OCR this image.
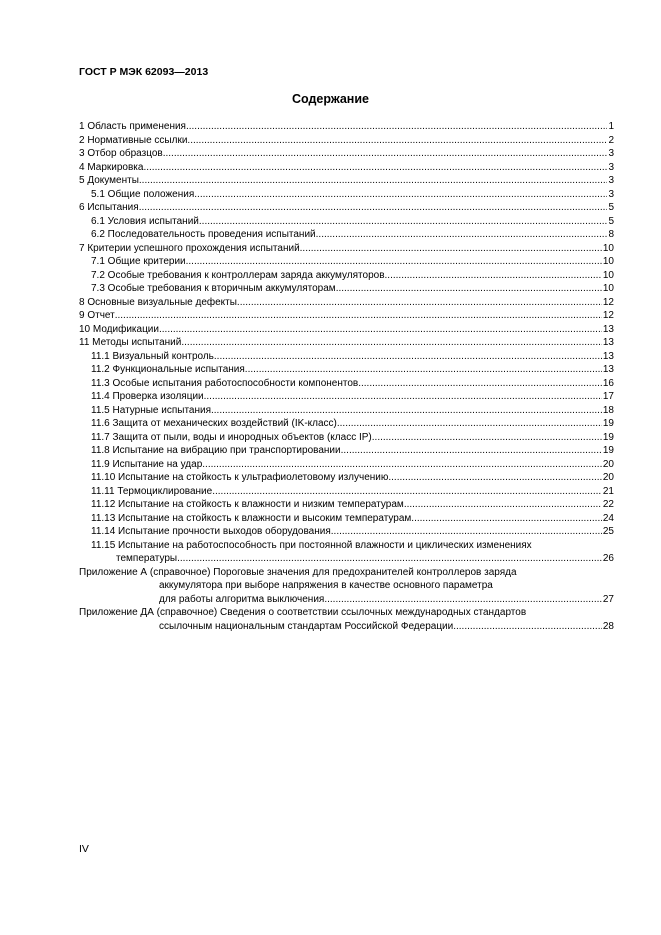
ГОСТ Р МЭК 62093—2013
Содержание
1 Область применения .....	1
2 Нормативные ссылки .....	2
3 Отбор образцов .....	3
4 Маркировка .....	3
5 Документы .....	3
5.1 Общие положения .....	3
6 Испытания .....	5
6.1 Условия испытаний .....	5
6.2 Последовательность проведения испытаний .....	8
7 Критерии успешного прохождения испытаний .....	10
7.1 Общие критерии .....	10
7.2 Особые требования к контроллерам заряда аккумуляторов .....	10
7.3 Особые требования к вторичным аккумуляторам .....	10
8 Основные визуальные дефекты .....	12
9 Отчет .....	12
10 Модификации .....	13
11 Методы испытаний .....	13
11.1 Визуальный контроль .....	13
11.2 Функциональные испытания .....	13
11.3 Особые испытания работоспособности компонентов .....	16
11.4 Проверка изоляции .....	17
11.5 Натурные испытания .....	18
11.6 Защита от механических воздействий (IK-класс) .....	19
11.7 Защита от пыли, воды и инородных объектов (класс IP) .....	19
11.8 Испытание на вибрацию при транспортировании .....	19
11.9 Испытание на удар .....	20
11.10 Испытание на стойкость к ультрафиолетовому излучению .....	20
11.11 Термоциклирование .....	21
11.12 Испытание на стойкость к влажности и низким температурам .....	22
11.13 Испытание на стойкость к влажности и высоким температурам .....	24
11.14 Испытание прочности выходов оборудования .....	25
11.15 Испытание на работоспособность при постоянной влажности и циклических изменениях
температуры .....	26
Приложение А (справочное) Пороговые значения для предохранителей контроллеров заряда
аккумулятора при выборе напряжения в качестве основного параметра
для работы алгоритма выключения .....	27
Приложение ДА (справочное) Сведения о соответствии ссылочных международных стандартов
ссылочным национальным стандартам Российской Федерации .....	28
IV
